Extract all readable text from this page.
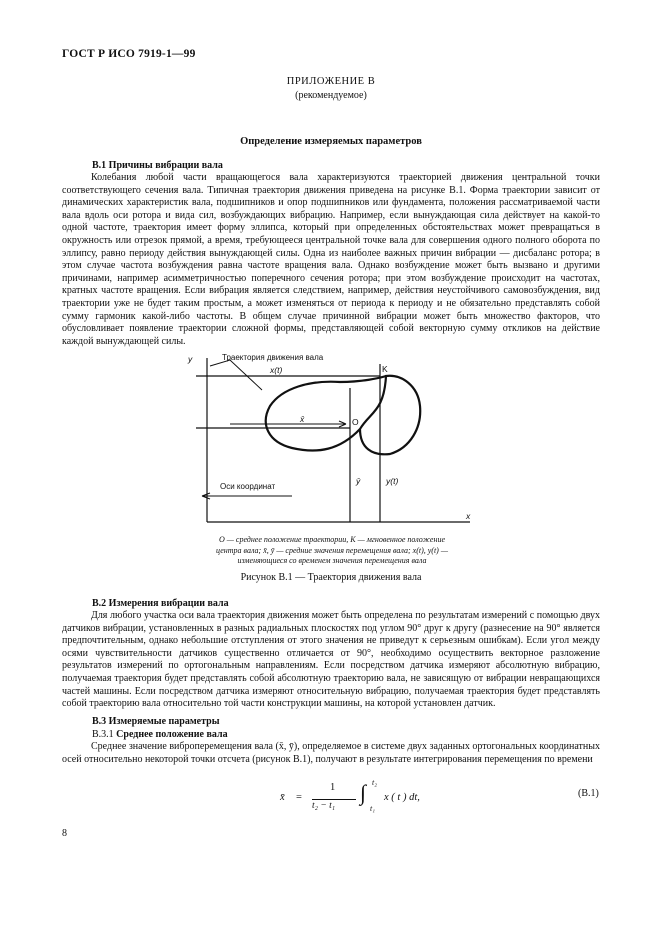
ГОСТ Р ИСО 7919-1—99
ПРИЛОЖЕНИЕ В
(рекомендуемое)
Определение измеряемых параметров
В.1 Причины вибрации вала

Колебания любой части вращающегося вала характеризуются траекторией движения центральной точки соответствующего сечения вала. Типичная траектория движения приведена на рисунке В.1. Форма траектории зависит от динамических характеристик вала, подшипников и опор подшипников или фундамента, положения рассматриваемой части вала вдоль оси ротора и вида сил, возбуждающих вибрацию. Например, если вынуждающая сила действует на какой-то одной частоте, траектория имеет форму эллипса, который при определенных обстоятельствах может превращаться в окружность или отрезок прямой, а время, требующееся центральной точке вала для совершения одного полного оборота по эллипсу, равно периоду действия вынуждающей силы. Одна из наиболее важных причин вибрации — дисбаланс ротора; в этом случае частота возбуждения равна частоте вращения вала. Однако возбуждение может быть вызвано и другими причинами, например асимметричностью поперечного сечения ротора; при этом возбуждение происходит на частотах, кратных частоте вращения. Если вибрация является следствием, например, действия неустойчивого самовозбуждения, вид траектории уже не будет таким простым, а может изменяться от периода к периоду и не обязательно представлять собой сумму гармоник какой-либо частоты. В общем случае причинной вибрации может быть множество факторов, что обусловливает появление траектории сложной формы, представляющей собой векторную сумму откликов на действие каждой вынуждающей силы.

y
x
Траектория движения вала
x(t)	K
x̄	O
ȳ	y(t)
Оси координат
O — среднее положение траектории, K — мгновенное положение
центра вала; x̄, ȳ — средние значения перемещения вала; x(t), y(t) —
изменяющиеся со временем значения перемещения вала
Рисунок В.1 — Траектория движения вала
В.2 Измерения вибрации вала

Для любого участка оси вала траектория движения может быть определена по результатам измерений с помощью двух датчиков вибрации, установленных в разных радиальных плоскостях под углом 90° друг к другу (разнесение на 90° является предпочтительным, однако небольшие отступления от этого значения не приведут к серьезным ошибкам). Если угол между осями чувствительности датчиков существенно отличается от 90°, необходимо осуществить векторное разложение результатов измерений по ортогональным направлениям. Если посредством датчика измеряют абсолютную вибрацию, получаемая траектория будет представлять собой абсолютную траекторию вала, не зависящую от вибрации невращающихся частей машины. Если посредством датчика измеряют относительную вибрацию, получаемая траектория будет представлять собой траекторию вала относительно той части конструкции машины, на которой установлен датчик.

В.3 Измеряемые параметры
В.3.1 Среднее положение вала

Среднее значение виброперемещения вала (x̄, ȳ), определяемое в системе двух заданных ортогональных координатных осей относительно некоторой точки отсчета (рисунок В.1), получают в результате интегрирования перемещения по времени

x̄ =
1
t₂ − t₁
∫ t₂
t₁
x ( t ) dt,	(B.1)
8
